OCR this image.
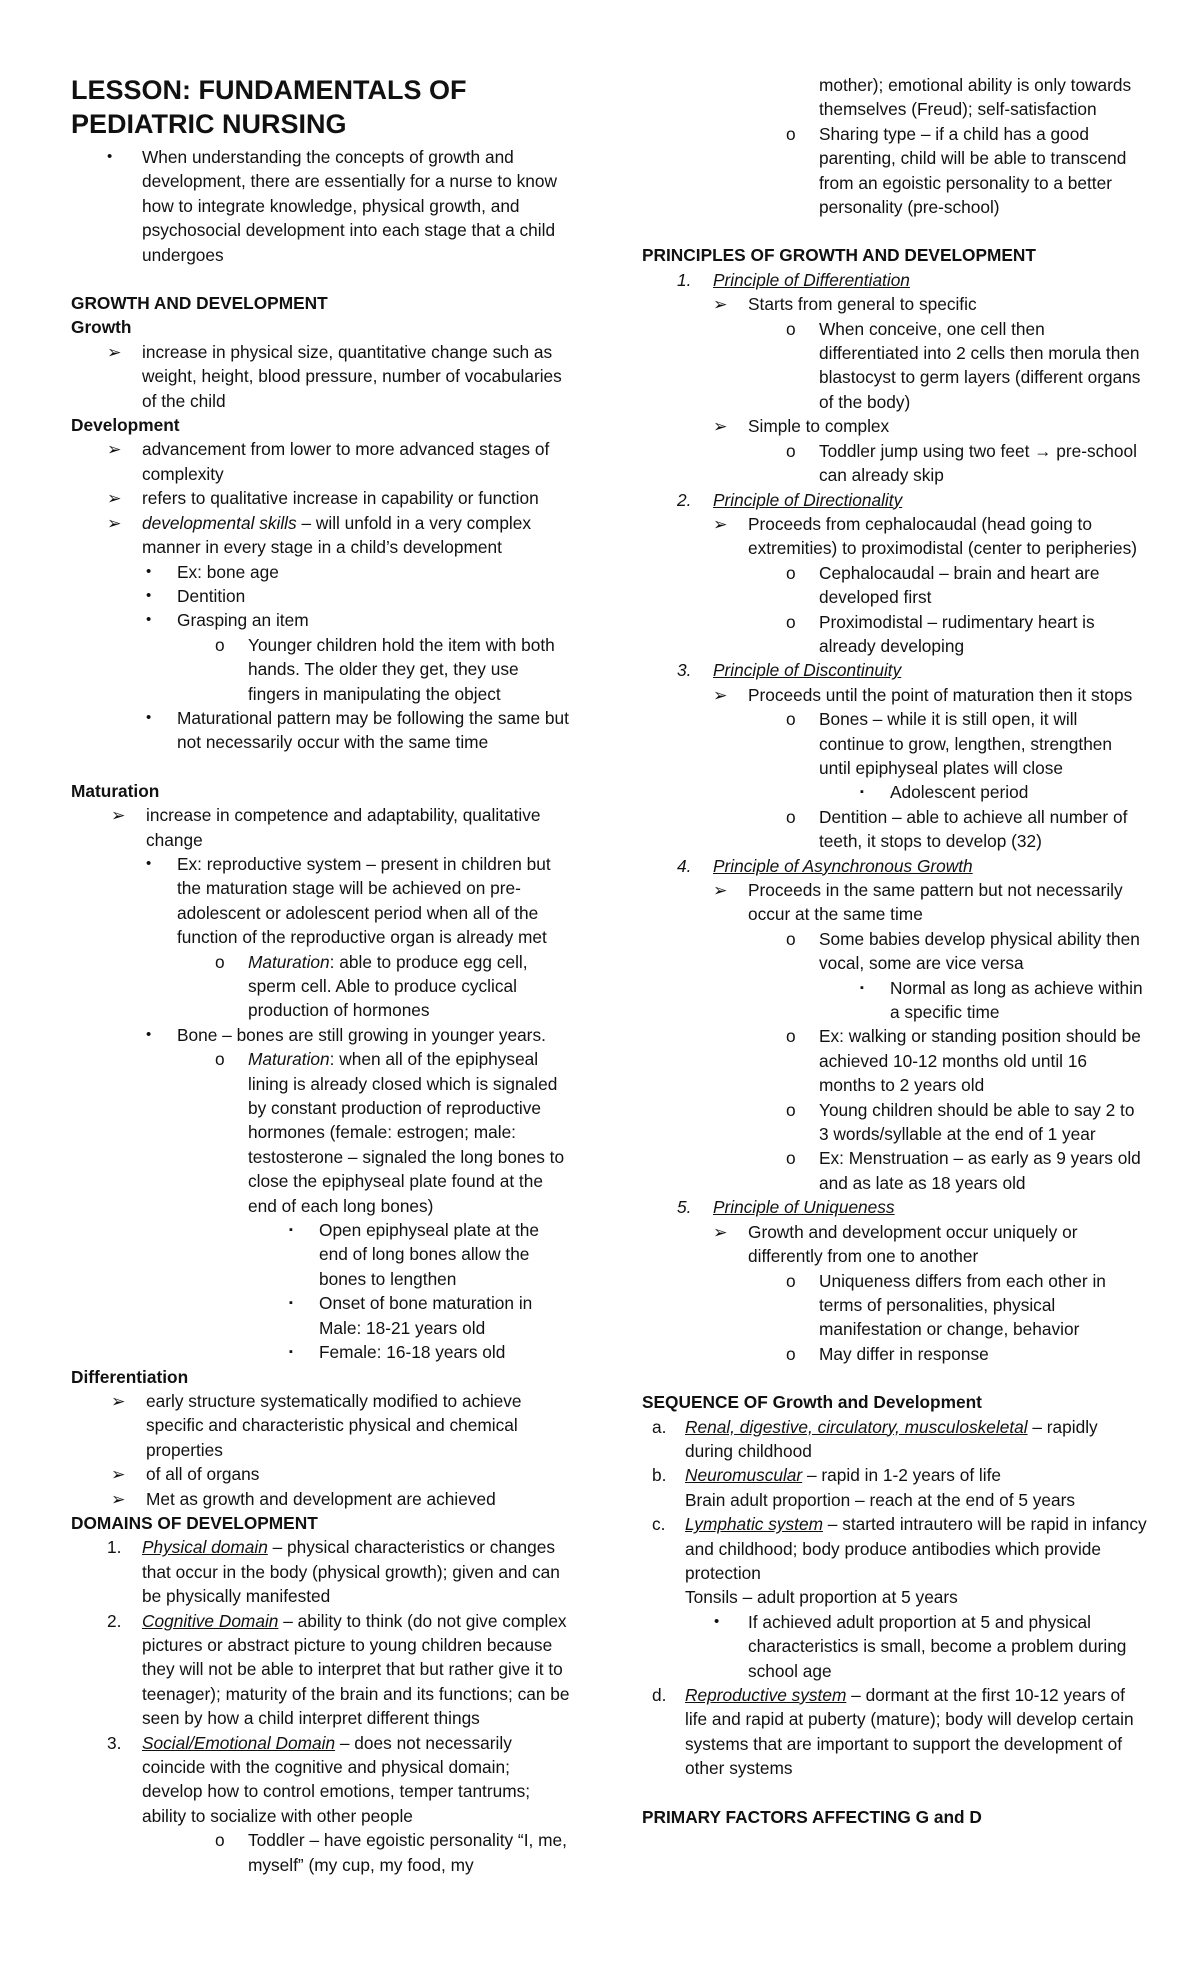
LESSON: FUNDAMENTALS OF PEDIATRIC NURSING
• When understanding the concepts of growth and development, there are essentially for a nurse to know how to integrate knowledge, physical growth, and psychosocial development into each stage that a child undergoes
GROWTH AND DEVELOPMENT
Growth
➢
increase in physical size, quantitative change such as weight, height, blood pressure, number of vocabularies of the child
Development
➢
advancement from lower to more advanced stages of complexity
➢
refers to qualitative increase in capability or function
➢
developmental skills – will unfold in a very complex manner in every stage in a child’s development
• Ex: bone age
• Dentition
• Grasping an item
o Younger children hold the item with both hands. The older they get, they use fingers in manipulating the object
• Maturational pattern may be following the same but not necessarily occur with the same time
Maturation
➢
increase in competence and adaptability, qualitative change
• Ex: reproductive system – present in children but the maturation stage will be achieved on pre-adolescent or adolescent period when all of the function of the reproductive organ is already met
o Maturation: able to produce egg cell, sperm cell. Able to produce cyclical production of hormones
• Bone – bones are still growing in younger years.
o Maturation: when all of the epiphyseal lining is already closed which is signaled by constant production of reproductive hormones (female: estrogen; male: testosterone – signaled the long bones to close the epiphyseal plate found at the end of each long bones)
▪ Open epiphyseal plate at the end of long bones allow the bones to lengthen
▪ Onset of bone maturation in Male: 18-21 years old
▪ Female: 16-18 years old
Differentiation
➢
early structure systematically modified to achieve specific and characteristic physical and chemical properties
➢
of all of organs
➢
Met as growth and development are achieved
DOMAINS OF DEVELOPMENT
1. Physical domain – physical characteristics or changes that occur in the body (physical growth); given and can be physically manifested
2. Cognitive Domain – ability to think (do not give complex pictures or abstract picture to young children because they will not be able to interpret that but rather give it to teenager); maturity of the brain and its functions; can be seen by how a child interpret different things
3. Social/Emotional Domain – does not necessarily coincide with the cognitive and physical domain; develop how to control emotions, temper tantrums; ability to socialize with other people
o Toddler – have egoistic personality “I, me, myself” (my cup, my food, my
mother); emotional ability is only towards themselves (Freud); self-satisfaction
o Sharing type – if a child has a good parenting, child will be able to transcend from an egoistic personality to a better personality (pre-school)
PRINCIPLES OF GROWTH AND DEVELOPMENT
1. Principle of Differentiation
➢
Starts from general to specific
o When conceive, one cell then differentiated into 2 cells then morula then blastocyst to germ layers (different organs of the body)
➢
Simple to complex
o Toddler jump using two feet → pre-school can already skip
2. Principle of Directionality
➢
Proceeds from cephalocaudal (head going to extremities) to proximodistal (center to peripheries)
o Cephalocaudal – brain and heart are developed first
o Proximodistal – rudimentary heart is already developing
3. Principle of Discontinuity
➢
Proceeds until the point of maturation then it stops
o Bones – while it is still open, it will continue to grow, lengthen, strengthen until epiphyseal plates will close
▪ Adolescent period
o Dentition – able to achieve all number of teeth, it stops to develop (32)
4. Principle of Asynchronous Growth
➢
Proceeds in the same pattern but not necessarily occur at the same time
o Some babies develop physical ability then vocal, some are vice versa
▪ Normal as long as achieve within a specific time
o Ex: walking or standing position should be achieved 10-12 months old until 16 months to 2 years old
o Young children should be able to say 2 to 3 words/syllable at the end of 1 year
o Ex: Menstruation – as early as 9 years old and as late as 18 years old
5. Principle of Uniqueness
➢
Growth and development occur uniquely or differently from one to another
o Uniqueness differs from each other in terms of personalities, physical manifestation or change, behavior
o May differ in response
SEQUENCE OF Growth and Development
a. Renal, digestive, circulatory, musculoskeletal – rapidly during childhood
b. Neuromuscular – rapid in 1-2 years of life
Brain adult proportion – reach at the end of 5 years
c. Lymphatic system – started intrautero will be rapid in infancy and childhood; body produce antibodies which provide protection
Tonsils – adult proportion at 5 years
• If achieved adult proportion at 5 and physical characteristics is small, become a problem during school age
d. Reproductive system – dormant at the first 10-12 years of life and rapid at puberty (mature); body will develop certain systems that are important to support the development of other systems
PRIMARY FACTORS AFFECTING G and D
